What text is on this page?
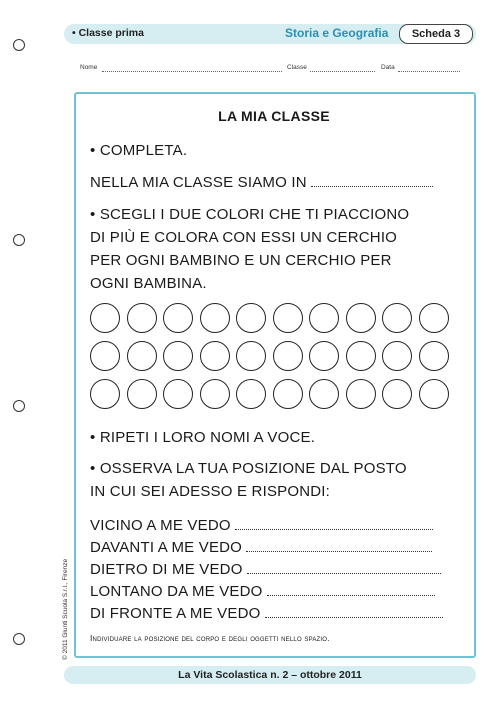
• Classe prima	Storia e Geografia	Scheda 3
Nome	Classe	Data
LA MIA CLASSE
• COMPLETA.
NELLA MIA CLASSE SIAMO IN
• SCEGLI I DUE COLORI CHE TI PIACCIONO
DI PIÙ E COLORA CON ESSI UN CERCHIO
PER OGNI BAMBINO E UN CERCHIO PER
OGNI BAMBINA.
• RIPETI I LORO NOMI A VOCE.
• OSSERVA LA TUA POSIZIONE DAL POSTO
IN CUI SEI ADESSO E RISPONDI:
VICINO A ME VEDO
DAVANTI A ME VEDO
DIETRO DI ME VEDO
LONTANO DA ME VEDO
DI FRONTE A ME VEDO
Individuare la posizione del corpo e degli oggetti nello spazio.
© 2011 Giunti Scuola S.r.l., Firenze
La Vita Scolastica n. 2 – ottobre 2011
